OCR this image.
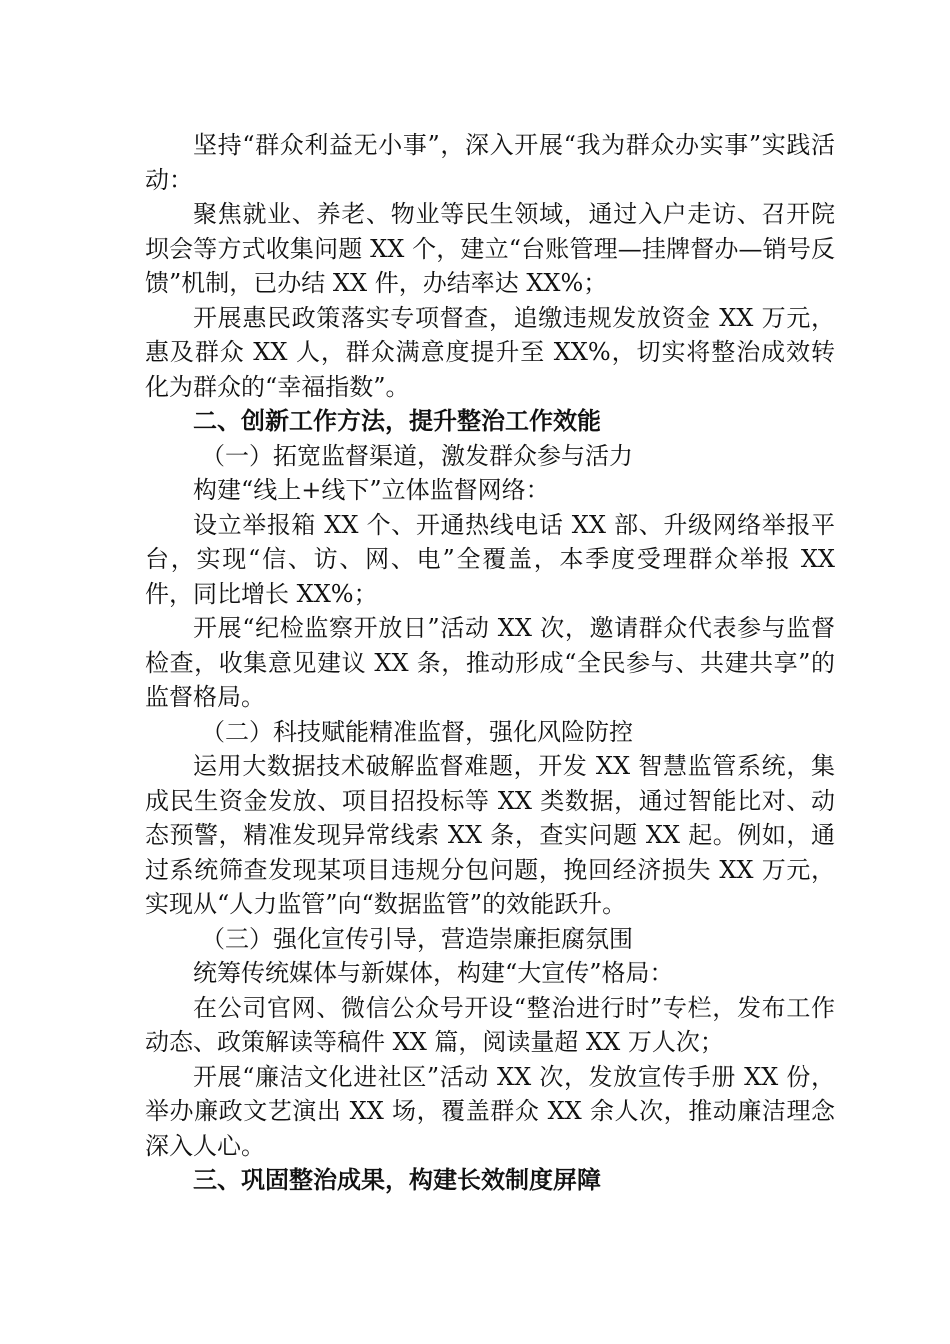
坚持“群众利益无小事”，深入开展“我为群众办实事”实践活动：

聚焦就业、养老、物业等民生领域，通过入户走访、召开院坝会等方式收集问题 XX 个，建立“台账管理—挂牌督办—销号反馈”机制，已办结 XX 件，办结率达 XX%；

开展惠民政策落实专项督查，追缴违规发放资金 XX 万元，惠及群众 XX 人，群众满意度提升至 XX%，切实将整治成效转化为群众的“幸福指数”。

二、创新工作方法，提升整治工作效能

（一）拓宽监督渠道，激发群众参与活力

构建“线上+线下”立体监督网络：

设立举报箱 XX 个、开通热线电话 XX 部、升级网络举报平台，实现“信、访、网、电”全覆盖，本季度受理群众举报 XX 件，同比增长 XX%；

开展“纪检监察开放日”活动 XX 次，邀请群众代表参与监督检查，收集意见建议 XX 条，推动形成“全民参与、共建共享”的监督格局。

（二）科技赋能精准监督，强化风险防控

运用大数据技术破解监督难题，开发 XX 智慧监管系统，集成民生资金发放、项目招投标等 XX 类数据，通过智能比对、动态预警，精准发现异常线索 XX 条，查实问题 XX 起。例如，通过系统筛查发现某项目违规分包问题，挽回经济损失 XX 万元，实现从“人力监管”向“数据监管”的效能跃升。

（三）强化宣传引导，营造崇廉拒腐氛围

统筹传统媒体与新媒体，构建“大宣传”格局：

在公司官网、微信公众号开设“整治进行时”专栏，发布工作动态、政策解读等稿件 XX 篇，阅读量超 XX 万人次；

开展“廉洁文化进社区”活动 XX 次，发放宣传手册 XX 份，举办廉政文艺演出 XX 场，覆盖群众 XX 余人次，推动廉洁理念深入人心。

三、巩固整治成果，构建长效制度屏障
